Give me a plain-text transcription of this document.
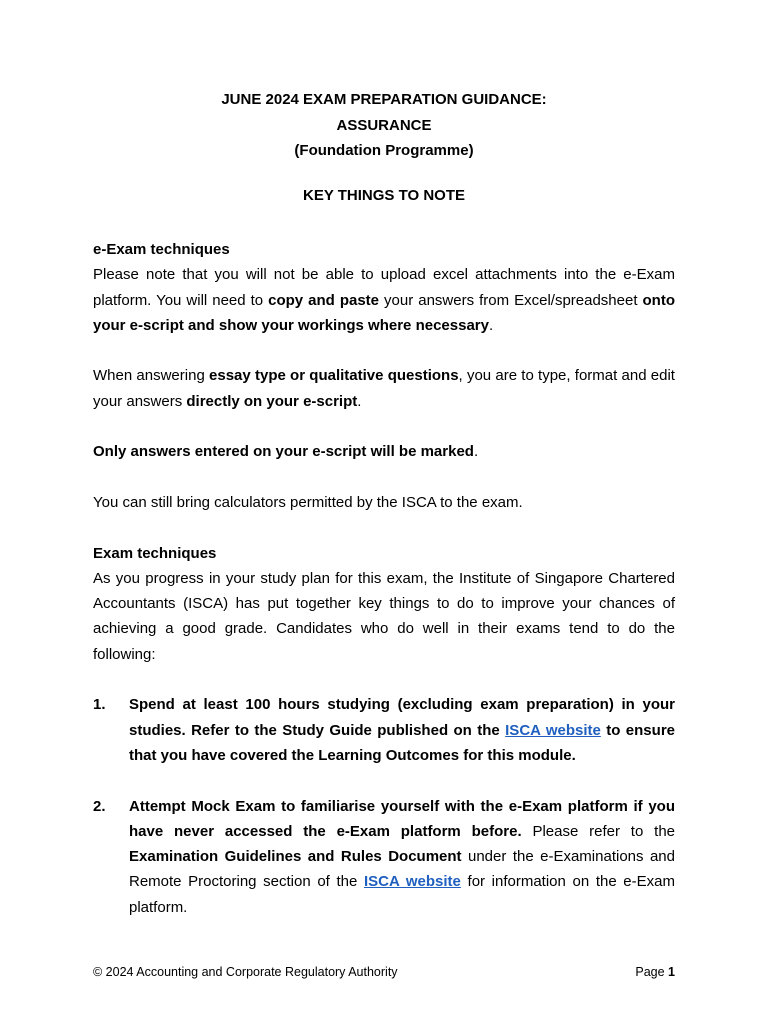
JUNE 2024 EXAM PREPARATION GUIDANCE:
ASSURANCE
(Foundation Programme)
KEY THINGS TO NOTE

e-Exam techniques

Please note that you will not be able to upload excel attachments into the e-Exam platform. You will need to copy and paste your answers from Excel/spreadsheet onto your e-script and show your workings where necessary.

When answering essay type or qualitative questions, you are to type, format and edit your answers directly on your e-script.

Only answers entered on your e-script will be marked.

You can still bring calculators permitted by the ISCA to the exam.

Exam techniques

As you progress in your study plan for this exam, the Institute of Singapore Chartered Accountants (ISCA) has put together key things to do to improve your chances of achieving a good grade. Candidates who do well in their exams tend to do the following:

1. Spend at least 100 hours studying (excluding exam preparation) in your studies. Refer to the Study Guide published on the ISCA website to ensure that you have covered the Learning Outcomes for this module.
2. Attempt Mock Exam to familiarise yourself with the e-Exam platform if you have never accessed the e-Exam platform before. Please refer to the Examination Guidelines and Rules Document under the e-Examinations and Remote Proctoring section of the ISCA website for information on the e-Exam platform.
© 2024 Accounting and Corporate Regulatory Authority	Page 1
